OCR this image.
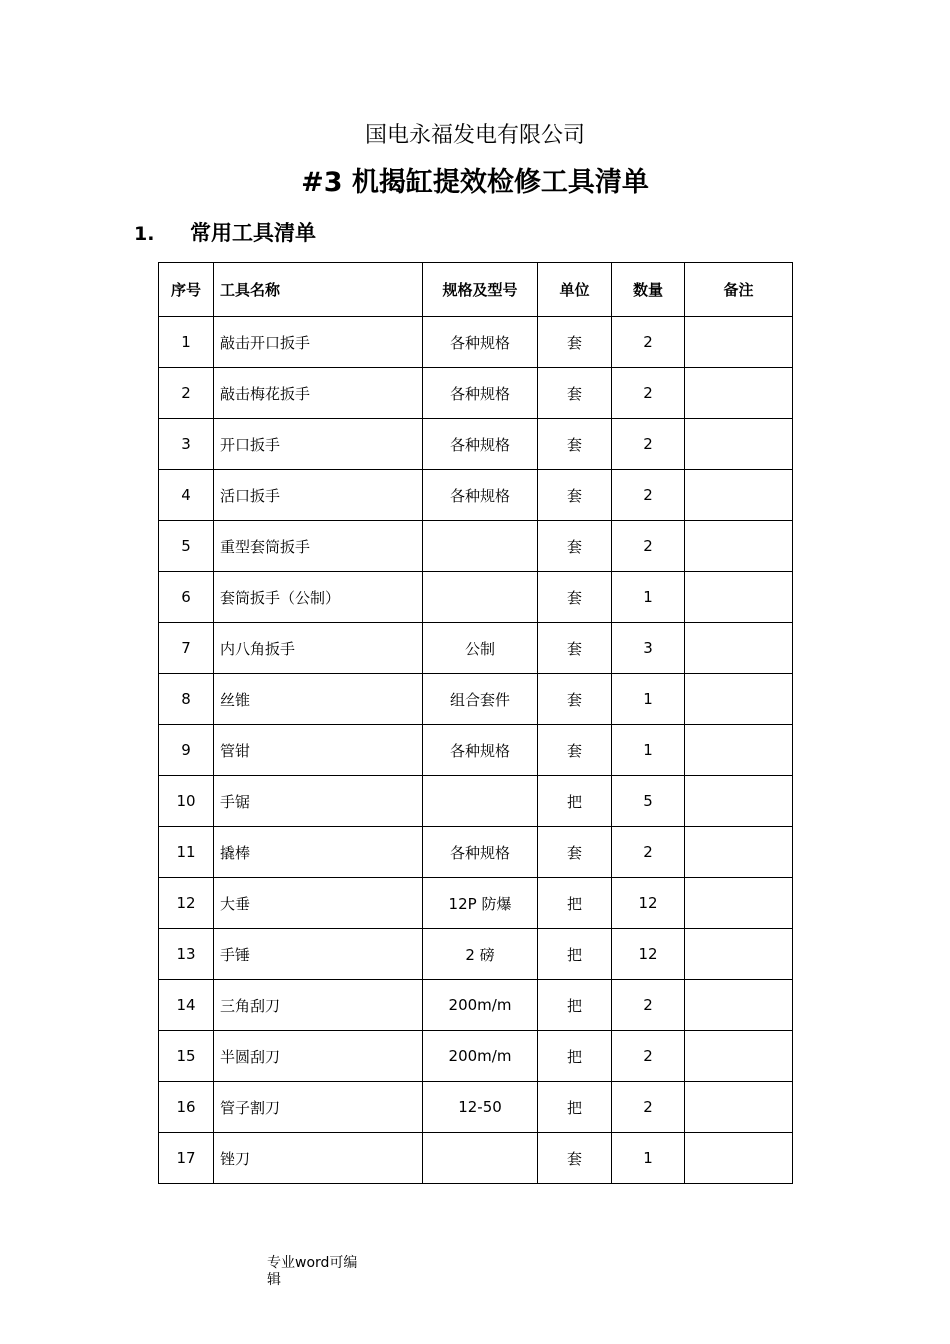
国电永福发电有限公司
#3 机揭缸提效检修工具清单
1. 常用工具清单
序号	工具名称	规格及型号	单位	数量	备注
1	敲击开口扳手	各种规格	套	2	
2	敲击梅花扳手	各种规格	套	2	
3	开口扳手	各种规格	套	2	
4	活口扳手	各种规格	套	2	
5	重型套筒扳手		套	2	
6	套筒扳手（公制）		套	1	
7	内八角扳手	公制	套	3	
8	丝锥	组合套件	套	1	
9	管钳	各种规格	套	1	
10	手锯		把	5	
11	撬棒	各种规格	套	2	
12	大垂	12P 防爆	把	12	
13	手锤	2 磅	把	12	
14	三角刮刀	200m/m	把	2	
15	半圆刮刀	200m/m	把	2	
16	管子割刀	12-50	把	2	
17	锉刀		套	1	
专业word可编辑
